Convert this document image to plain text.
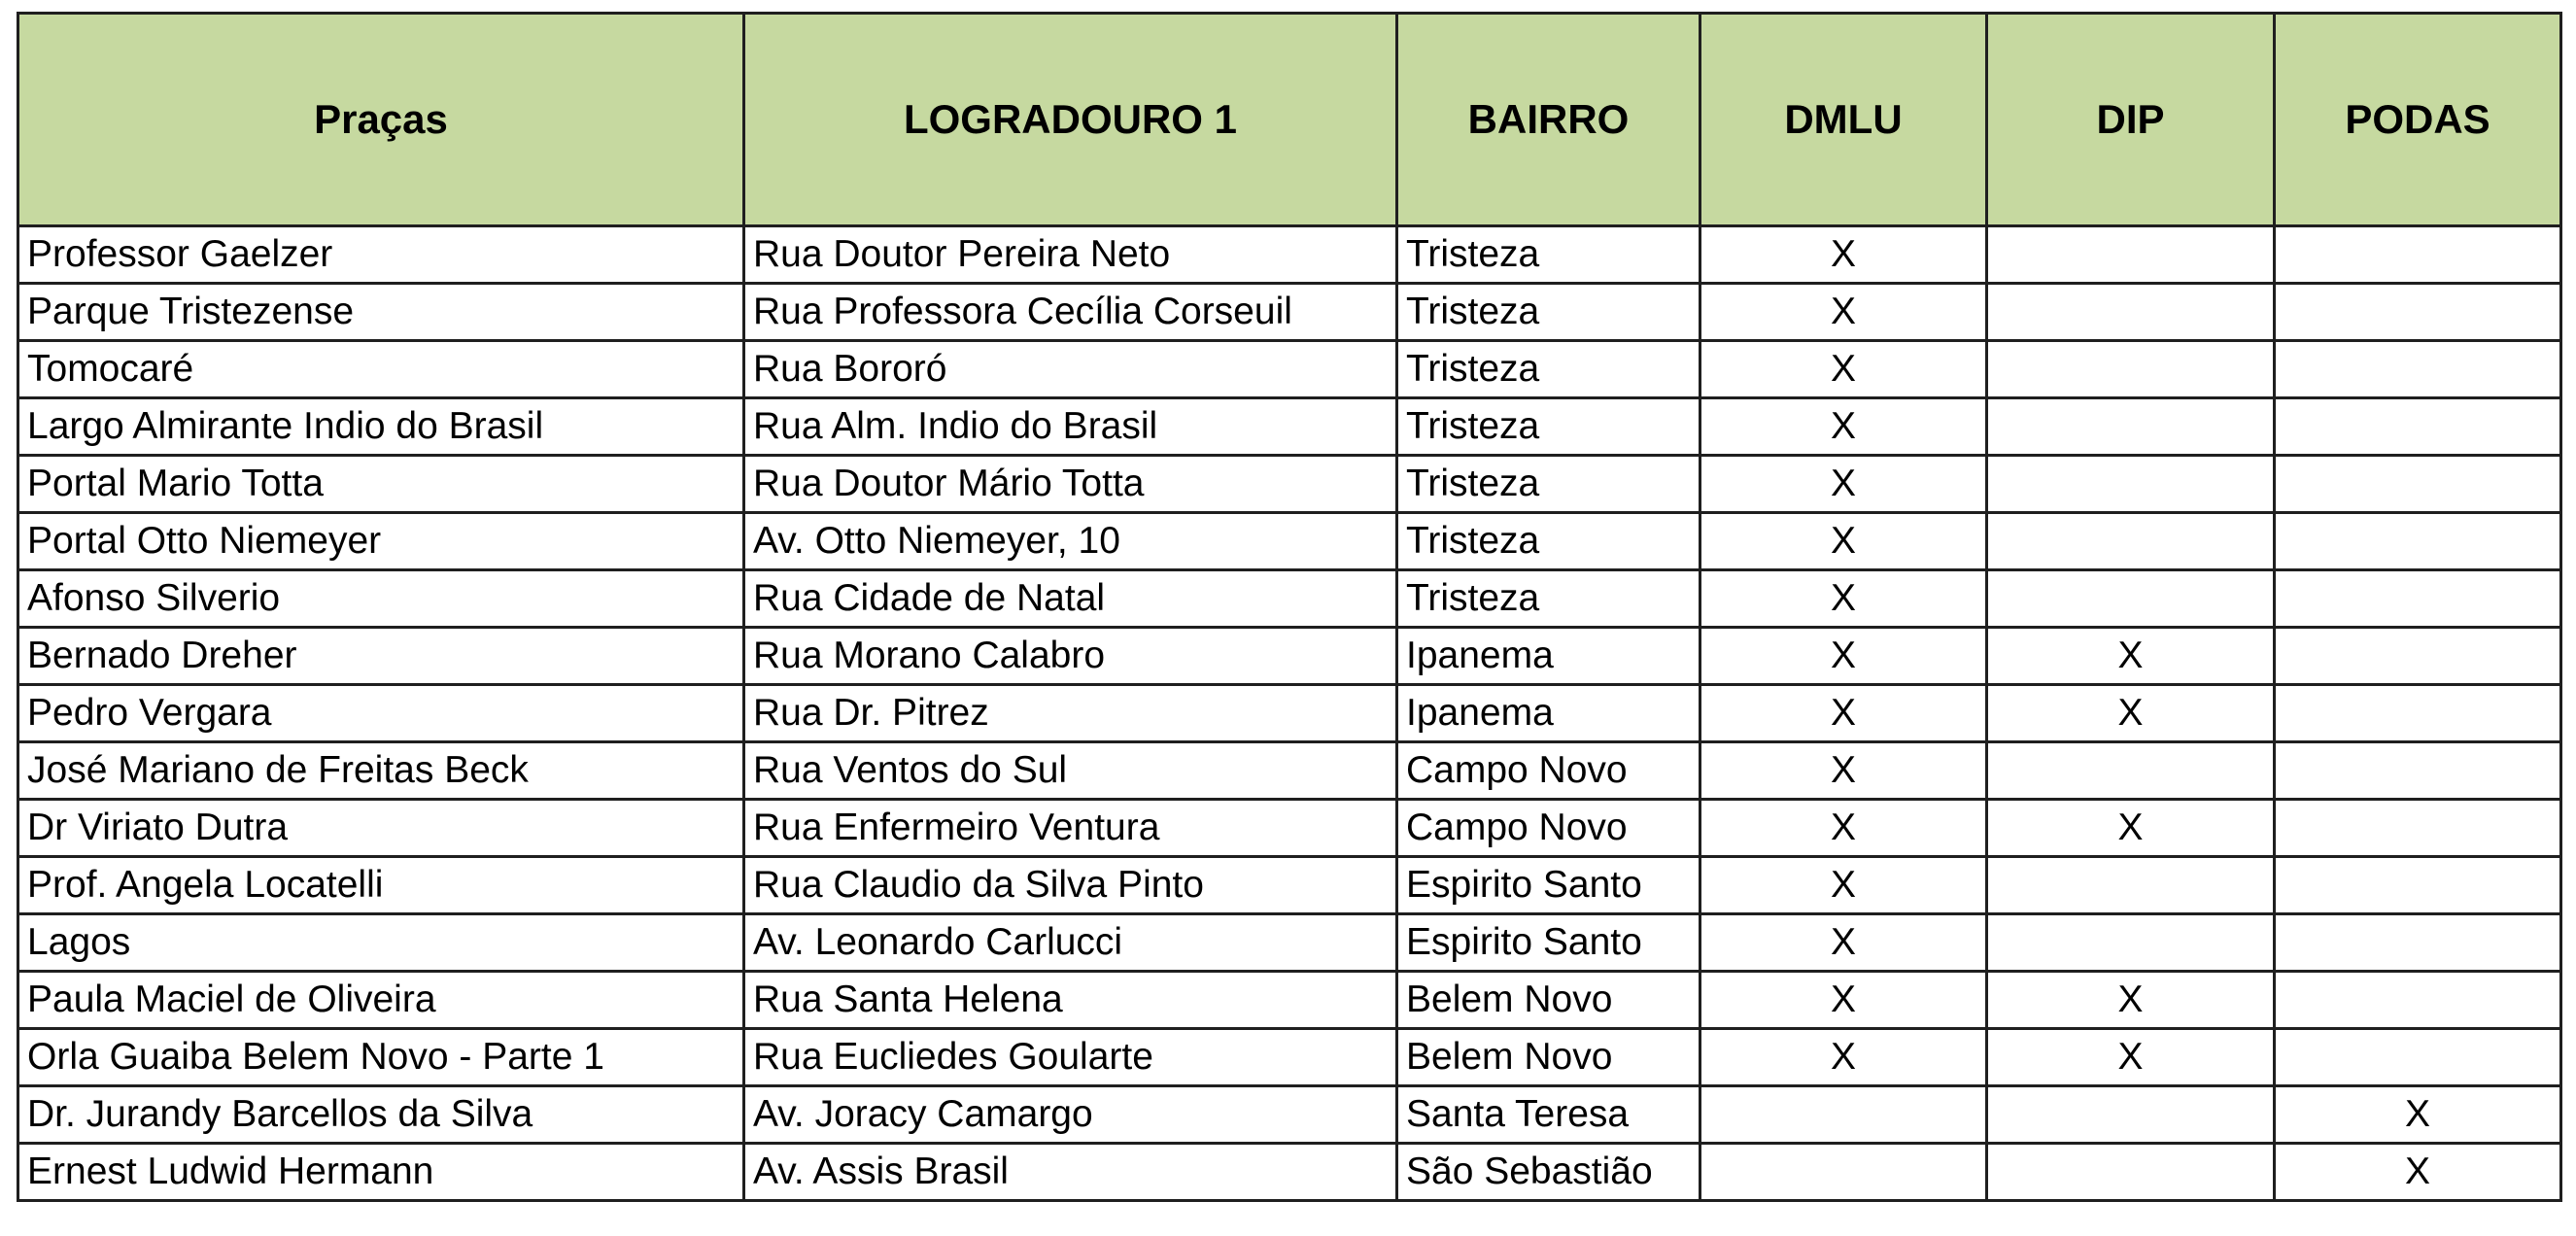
Praças	LOGRADOURO 1	BAIRRO	DMLU	DIP	PODAS
Professor Gaelzer	Rua Doutor Pereira Neto	Tristeza	X		
Parque Tristezense	Rua Professora Cecília Corseuil	Tristeza	X		
Tomocaré	Rua Bororó	Tristeza	X		
Largo Almirante Indio do Brasil	Rua Alm. Indio do Brasil	Tristeza	X		
Portal Mario Totta	Rua Doutor Mário Totta	Tristeza	X		
Portal Otto Niemeyer	Av. Otto Niemeyer, 10	Tristeza	X		
Afonso Silverio	Rua Cidade de Natal	Tristeza	X		
Bernado Dreher	Rua Morano Calabro	Ipanema	X	X	
Pedro Vergara	Rua Dr. Pitrez	Ipanema	X	X	
José Mariano de Freitas Beck	Rua Ventos do Sul	Campo Novo	X		
Dr Viriato Dutra	Rua Enfermeiro Ventura	Campo Novo	X	X	
Prof. Angela Locatelli	Rua Claudio da Silva Pinto	Espirito Santo	X		
Lagos	Av. Leonardo Carlucci	Espirito Santo	X		
Paula Maciel de Oliveira	Rua Santa Helena	Belem Novo	X	X	
Orla Guaiba Belem Novo - Parte 1	Rua Eucliedes Goularte	Belem Novo	X	X	
Dr. Jurandy Barcellos da Silva	Av. Joracy Camargo	Santa Teresa			X
Ernest Ludwid Hermann	Av. Assis Brasil	São Sebastião			X
